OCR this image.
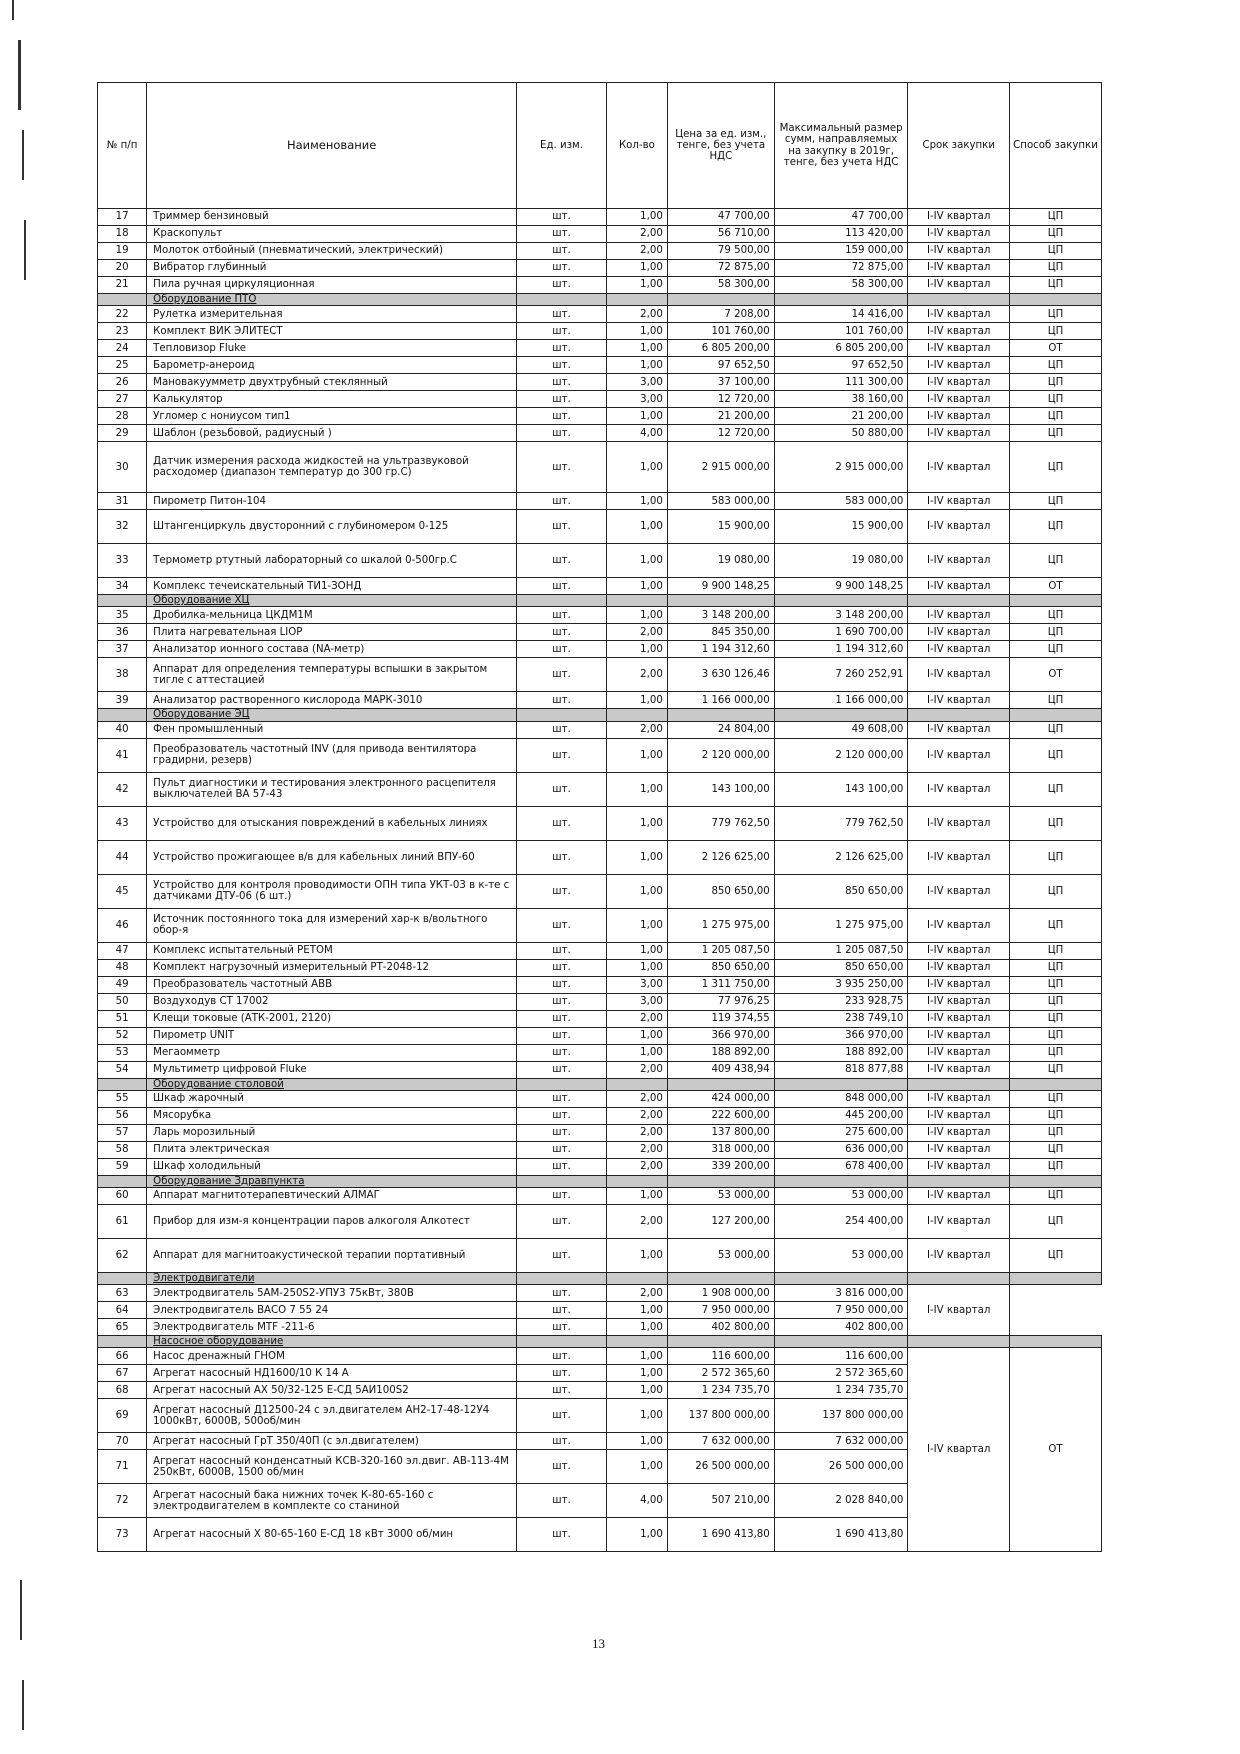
№ п/п	Наименование	Ед. изм.	Кол-во	Цена за ед. изм., тенге, без учета НДС	Максимальный размер сумм, направляемых на закупку в 2019г, тенге, без учета НДС	Срок закупки	Способ закупки
17	Триммер бензиновый	шт.	1,00	47 700,00	47 700,00	I-IV квартал	ЦП
18	Краскопульт	шт.	2,00	56 710,00	113 420,00	I-IV квартал	ЦП
19	Молоток отбойный (пневматический, электрический)	шт.	2,00	79 500,00	159 000,00	I-IV квартал	ЦП
20	Вибратор глубинный	шт.	1,00	72 875,00	72 875,00	I-IV квартал	ЦП
21	Пила ручная циркуляционная	шт.	1,00	58 300,00	58 300,00	I-IV квартал	ЦП
	Оборудование ПТО						
22	Рулетка измерительная	шт.	2,00	7 208,00	14 416,00	I-IV квартал	ЦП
23	Комплект ВИК ЭЛИТЕСТ	шт.	1,00	101 760,00	101 760,00	I-IV квартал	ЦП
24	Тепловизор Fluke	шт.	1,00	6 805 200,00	6 805 200,00	I-IV квартал	ОТ
25	Барометр-анероид	шт.	1,00	97 652,50	97 652,50	I-IV квартал	ЦП
26	Мановакуумметр двухтрубный стеклянный	шт.	3,00	37 100,00	111 300,00	I-IV квартал	ЦП
27	Калькулятор	шт.	3,00	12 720,00	38 160,00	I-IV квартал	ЦП
28	Угломер с нониусом тип1	шт.	1,00	21 200,00	21 200,00	I-IV квартал	ЦП
29	Шаблон (резьбовой, радиусный )	шт.	4,00	12 720,00	50 880,00	I-IV квартал	ЦП
30	Датчик измерения расхода жидкостей на ультразвуковой расходомер (диапазон температур до 300 гр.С)	шт.	1,00	2 915 000,00	2 915 000,00	I-IV квартал	ЦП
31	Пирометр Питон-104	шт.	1,00	583 000,00	583 000,00	I-IV квартал	ЦП
32	Штангенциркуль двусторонний с глубиномером 0-125	шт.	1,00	15 900,00	15 900,00	I-IV квартал	ЦП
33	Термометр ртутный лабораторный со шкалой 0-500гр.С	шт.	1,00	19 080,00	19 080,00	I-IV квартал	ЦП
34	Комплекс течеискательный ТИ1-ЗОНД	шт.	1,00	9 900 148,25	9 900 148,25	I-IV квартал	ОТ
	Оборудование ХЦ						
35	Дробилка-мельница ЦКДМ1М	шт.	1,00	3 148 200,00	3 148 200,00	I-IV квартал	ЦП
36	Плита нагревательная LIOP	шт.	2,00	845 350,00	1 690 700,00	I-IV квартал	ЦП
37	Анализатор ионного состава (NA-метр)	шт.	1,00	1 194 312,60	1 194 312,60	I-IV квартал	ЦП
38	Аппарат для определения температуры вспышки в закрытом тигле с аттестацией	шт.	2,00	3 630 126,46	7 260 252,91	I-IV квартал	ОТ
39	Анализатор растворенного кислорода МАРК-3010	шт.	1,00	1 166 000,00	1 166 000,00	I-IV квартал	ЦП
	Оборудование ЭЦ						
40	Фен промышленный	шт.	2,00	24 804,00	49 608,00	I-IV квартал	ЦП
41	Преобразователь частотный INV (для привода вентилятора градирни, резерв)	шт.	1,00	2 120 000,00	2 120 000,00	I-IV квартал	ЦП
42	Пульт диагностики и тестирования электронного расцепителя выключателей ВА 57-43	шт.	1,00	143 100,00	143 100,00	I-IV квартал	ЦП
43	Устройство для отыскания повреждений в кабельных линиях	шт.	1,00	779 762,50	779 762,50	I-IV квартал	ЦП
44	Устройство прожигающее в/в для кабельных линий ВПУ-60	шт.	1,00	2 126 625,00	2 126 625,00	I-IV квартал	ЦП
45	Устройство для контроля проводимости ОПН типа УКТ-03 в к-те с датчиками ДТУ-06 (6 шт.)	шт.	1,00	850 650,00	850 650,00	I-IV квартал	ЦП
46	Источник постоянного тока для измерений хар-к в/вольтного обор-я	шт.	1,00	1 275 975,00	1 275 975,00	I-IV квартал	ЦП
47	Комплекс испытательный РЕТОМ	шт.	1,00	1 205 087,50	1 205 087,50	I-IV квартал	ЦП
48	Комплект нагрузочный измерительный РТ-2048-12	шт.	1,00	850 650,00	850 650,00	I-IV квартал	ЦП
49	Преобразователь частотный АВВ	шт.	3,00	1 311 750,00	3 935 250,00	I-IV квартал	ЦП
50	Воздуходув СТ 17002	шт.	3,00	77 976,25	233 928,75	I-IV квартал	ЦП
51	Клещи токовые (АТК-2001, 2120)	шт.	2,00	119 374,55	238 749,10	I-IV квартал	ЦП
52	Пирометр UNIT	шт.	1,00	366 970,00	366 970,00	I-IV квартал	ЦП
53	Мегаомметр	шт.	1,00	188 892,00	188 892,00	I-IV квартал	ЦП
54	Мультиметр цифровой Fluke	шт.	2,00	409 438,94	818 877,88	I-IV квартал	ЦП
	Оборудование столовой						
55	Шкаф жарочный	шт.	2,00	424 000,00	848 000,00	I-IV квартал	ЦП
56	Мясорубка	шт.	2,00	222 600,00	445 200,00	I-IV квартал	ЦП
57	Ларь морозильный	шт.	2,00	137 800,00	275 600,00	I-IV квартал	ЦП
58	Плита электрическая	шт.	2,00	318 000,00	636 000,00	I-IV квартал	ЦП
59	Шкаф холодильный	шт.	2,00	339 200,00	678 400,00	I-IV квартал	ЦП
	Оборудование Здравпункта						
60	Аппарат магнитотерапевтический АЛМАГ	шт.	1,00	53 000,00	53 000,00	I-IV квартал	ЦП
61	Прибор для изм-я концентрации паров алкоголя Алкотест	шт.	2,00	127 200,00	254 400,00	I-IV квартал	ЦП
62	Аппарат для магнитоакустической терапии портативный	шт.	1,00	53 000,00	53 000,00	I-IV квартал	ЦП
	Электродвигатели						
63	Электродвигатель 5АМ-250S2-УПУ3 75кВт, 380В	шт.	2,00	1 908 000,00	3 816 000,00	I-IV квартал	
64	Электродвигатель ВАСО 7 55 24	шт.	1,00	7 950 000,00	7 950 000,00		
65	Электродвигатель МТF -211-6	шт.	1,00	402 800,00	402 800,00		
	Насосное оборудование						
66	Насос дренажный ГНОМ	шт.	1,00	116 600,00	116 600,00	I-IV квартал	ОТ
67	Агрегат насосный НД1600/10 К 14 А	шт.	1,00	2 572 365,60	2 572 365,60		
68	Агрегат насосный АХ 50/32-125 Е-СД 5АИ100S2	шт.	1,00	1 234 735,70	1 234 735,70		
69	Агрегат насосный Д12500-24 с эл.двигателем АН2-17-48-12У4 1000кВт, 6000В, 500об/мин	шт.	1,00	137 800 000,00	137 800 000,00		
70	Агрегат насосный ГрТ 350/40П (с эл.двигателем)	шт.	1,00	7 632 000,00	7 632 000,00		
71	Агрегат насосный конденсатный КСВ-320-160 эл.двиг. АВ-113-4М 250кВт, 6000В, 1500 об/мин	шт.	1,00	26 500 000,00	26 500 000,00		
72	Агрегат насосный бака нижних точек К-80-65-160 с электродвигателем в комплекте со станиной	шт.	4,00	507 210,00	2 028 840,00		
73	Агрегат насосный Х 80-65-160 Е-СД 18 кВт 3000 об/мин	шт.	1,00	1 690 413,80	1 690 413,80		
13
